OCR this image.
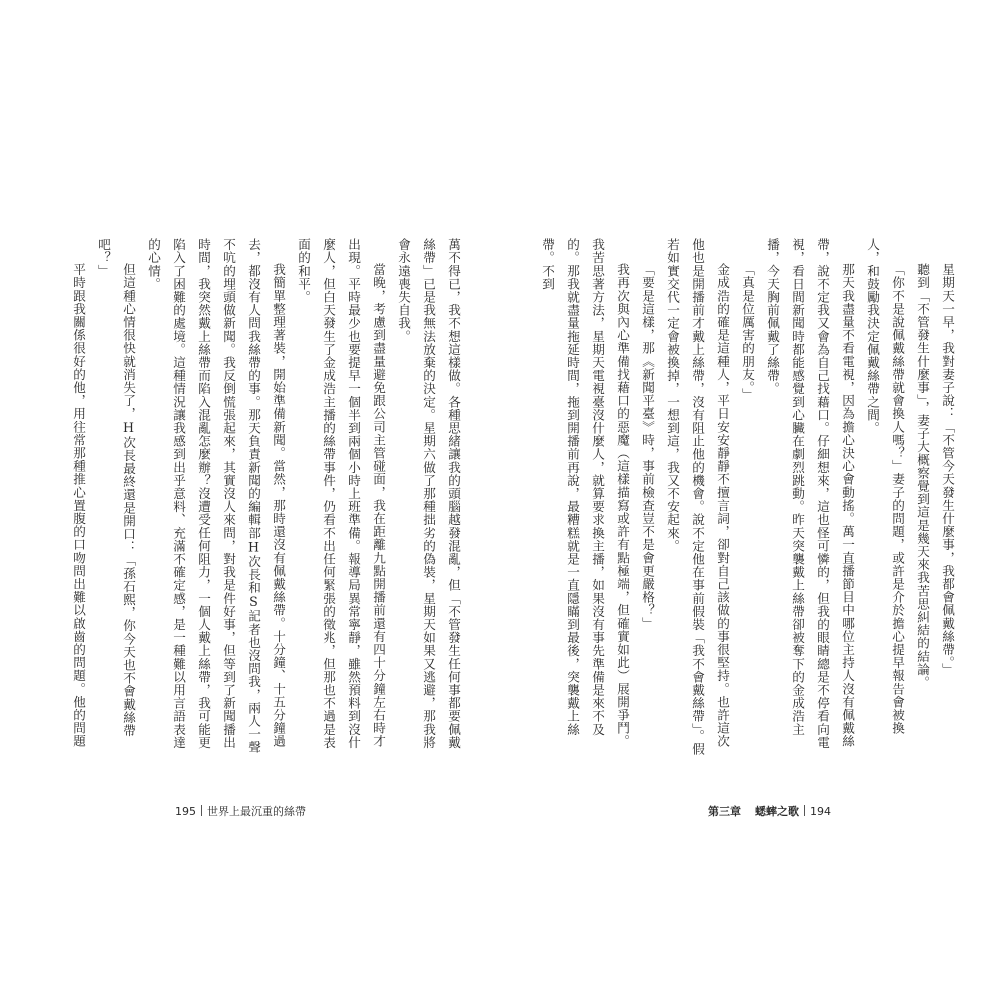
萬不得已，我不想這樣做。各種思緒讓我的頭腦越發混亂，但「不管發生任何事都要佩戴絲帶」已是我無法放棄的決定。星期六做了那種拙劣的偽裝，星期天如果又逃避，那我將會永遠喪失自我。

當晚，考慮到盡量避免跟公司主管碰面，我在距離九點開播前還有四十分鐘左右時才出現。平時最少也要提早一個半到兩個小時上班準備。報導局異常寧靜，雖然預料到沒什麼人，但白天發生了金成浩主播的絲帶事件，仍看不出任何緊張的徵兆，但那也不過是表面的和平。

我簡單整理著裝，開始準備新聞。當然，那時還沒有佩戴絲帶。十分鐘、十五分鐘過去，都沒有人問我絲帶的事。那天負責新聞的編輯部H次長和S記者也沒問我，兩人一聲不吭的埋頭做新聞。我反倒慌張起來，其實沒人來問，對我是件好事，但等到了新聞播出時間，我突然戴上絲帶而陷入混亂怎麼辦？沒遭受任何阻力，一個人戴上絲帶，我可能更陷入了困難的處境。這種情況讓我感到出乎意料、充滿不確定感，是一種難以用言語表達的心情。

但這種心情很快就消失了，H次長最終還是開口：「孫石熙，你今天也不會戴絲帶吧？」

平時跟我關係很好的他，用往常那種推心置腹的口吻問出難以啟齒的問題。他的問題

195 世界上最沉重的絲帶

星期天一早，我對妻子說：「不管今天發生什麼事，我都會佩戴絲帶。」

聽到「不管發生什麼事」，妻子大概察覺到這是幾天來我苦思糾結的結論。

「你不是說佩戴絲帶就會換人嗎？」妻子的問題，或許是介於擔心提早報告會被換人，和鼓勵我決定佩戴絲帶之間。

那天我盡量不看電視，因為擔心決心會動搖。萬一直播節目中哪位主持人沒有佩戴絲帶，說不定我又會為自己找藉口。仔細想來，這也怪可憐的，但我的眼睛總是不停看向電視，看日間新聞時都能感覺到心臟在劇烈跳動。昨天突襲戴上絲帶卻被奪下的金成浩主播，今天胸前佩戴了絲帶。

「真是位厲害的朋友。」

金成浩的確是這種人，平日安安靜靜不擅言詞，卻對自己該做的事很堅持。也許這次他也是開播前才戴上絲帶，沒有阻止他的機會。說不定他在事前假裝「我不會戴絲帶」。假若如實交代一定會被換掉，一想到這，我又不安起來。

「要是這樣，那《新聞平臺》時，事前檢查豈不是會更嚴格？」

我再次與內心準備找藉口的惡魔（這樣描寫或許有點極端，但確實如此）展開爭鬥。我苦思著方法，星期天電視臺沒什麼人，就算要求換主播，如果沒有事先準備是來不及的。那我就盡量拖延時間，拖到開播前再說，最糟糕就是一直隱瞞到最後，突襲戴上絲帶。不到

第三章 蟋蟀之歌 194
